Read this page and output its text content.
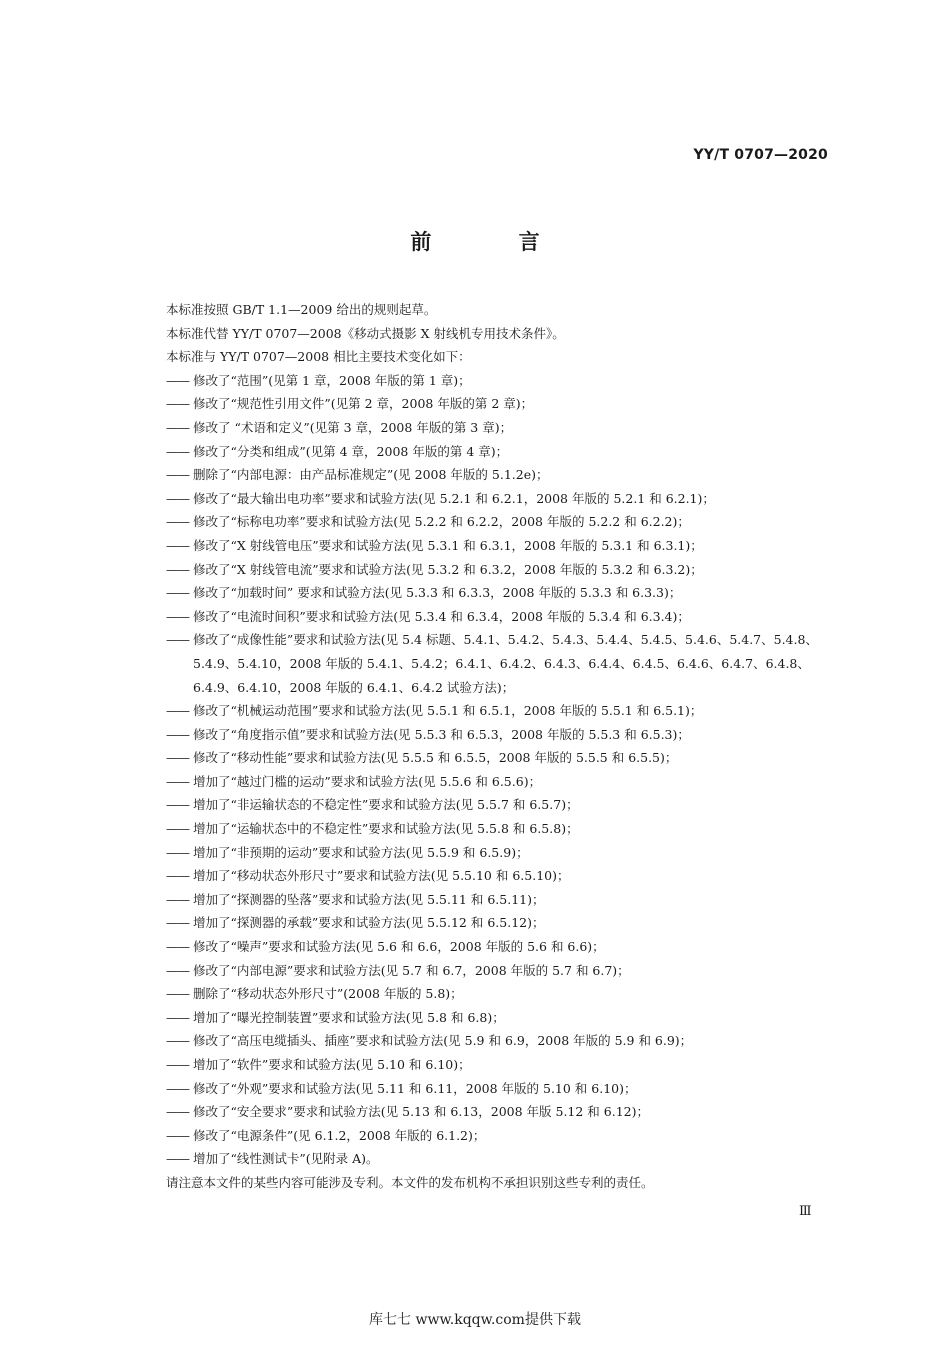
YY/T 0707—2020
前 言

本标准按照 GB/T 1.1—2009 给出的规则起草。

本标准代替 YY/T 0707—2008《移动式摄影 X 射线机专用技术条件》。

本标准与 YY/T 0707—2008 相比主要技术变化如下：

—— 修改了“范围”(见第 1 章，2008 年版的第 1 章)；
—— 修改了“规范性引用文件”(见第 2 章，2008 年版的第 2 章)；
—— 修改了 “术语和定义”(见第 3 章，2008 年版的第 3 章)；
—— 修改了“分类和组成”(见第 4 章，2008 年版的第 4 章)；
—— 删除了“内部电源：由产品标准规定”(见 2008 年版的 5.1.2e)；
—— 修改了“最大输出电功率”要求和试验方法(见 5.2.1 和 6.2.1，2008 年版的 5.2.1 和 6.2.1)；
—— 修改了“标称电功率”要求和试验方法(见 5.2.2 和 6.2.2，2008 年版的 5.2.2 和 6.2.2)；
—— 修改了“X 射线管电压”要求和试验方法(见 5.3.1 和 6.3.1，2008 年版的 5.3.1 和 6.3.1)；
—— 修改了“X 射线管电流”要求和试验方法(见 5.3.2 和 6.3.2，2008 年版的 5.3.2 和 6.3.2)；
—— 修改了“加载时间” 要求和试验方法(见 5.3.3 和 6.3.3，2008 年版的 5.3.3 和 6.3.3)；
—— 修改了“电流时间积”要求和试验方法(见 5.3.4 和 6.3.4，2008 年版的 5.3.4 和 6.3.4)；
—— 修改了“成像性能”要求和试验方法(见 5.4 标题、5.4.1、5.4.2、5.4.3、5.4.4、5.4.5、5.4.6、5.4.7、5.4.8、5.4.9、5.4.10，2008 年版的 5.4.1、5.4.2；6.4.1、6.4.2、6.4.3、6.4.4、6.4.5、6.4.6、6.4.7、6.4.8、6.4.9、6.4.10，2008 年版的 6.4.1、6.4.2 试验方法)；
—— 修改了“机械运动范围”要求和试验方法(见 5.5.1 和 6.5.1，2008 年版的 5.5.1 和 6.5.1)；
—— 修改了“角度指示值”要求和试验方法(见 5.5.3 和 6.5.3，2008 年版的 5.5.3 和 6.5.3)；
—— 修改了“移动性能”要求和试验方法(见 5.5.5 和 6.5.5，2008 年版的 5.5.5 和 6.5.5)；
—— 增加了“越过门槛的运动”要求和试验方法(见 5.5.6 和 6.5.6)；
—— 增加了“非运输状态的不稳定性”要求和试验方法(见 5.5.7 和 6.5.7)；
—— 增加了“运输状态中的不稳定性”要求和试验方法(见 5.5.8 和 6.5.8)；
—— 增加了“非预期的运动”要求和试验方法(见 5.5.9 和 6.5.9)；
—— 增加了“移动状态外形尺寸”要求和试验方法(见 5.5.10 和 6.5.10)；
—— 增加了“探测器的坠落”要求和试验方法(见 5.5.11 和 6.5.11)；
—— 增加了“探测器的承载”要求和试验方法(见 5.5.12 和 6.5.12)；
—— 修改了“噪声”要求和试验方法(见 5.6 和 6.6，2008 年版的 5.6 和 6.6)；
—— 修改了“内部电源”要求和试验方法(见 5.7 和 6.7，2008 年版的 5.7 和 6.7)；
—— 删除了“移动状态外形尺寸”(2008 年版的 5.8)；
—— 增加了“曝光控制装置”要求和试验方法(见 5.8 和 6.8)；
—— 修改了“高压电缆插头、插座”要求和试验方法(见 5.9 和 6.9，2008 年版的 5.9 和 6.9)；
—— 增加了“软件”要求和试验方法(见 5.10 和 6.10)；
—— 修改了“外观”要求和试验方法(见 5.11 和 6.11，2008 年版的 5.10 和 6.10)；
—— 修改了“安全要求”要求和试验方法(见 5.13 和 6.13，2008 年版 5.12 和 6.12)；
—— 修改了“电源条件”(见 6.1.2，2008 年版的 6.1.2)；
—— 增加了“线性测试卡”(见附录 A)。

请注意本文件的某些内容可能涉及专利。本文件的发布机构不承担识别这些专利的责任。

Ⅲ
库七七 www.kqqw.com提供下载
